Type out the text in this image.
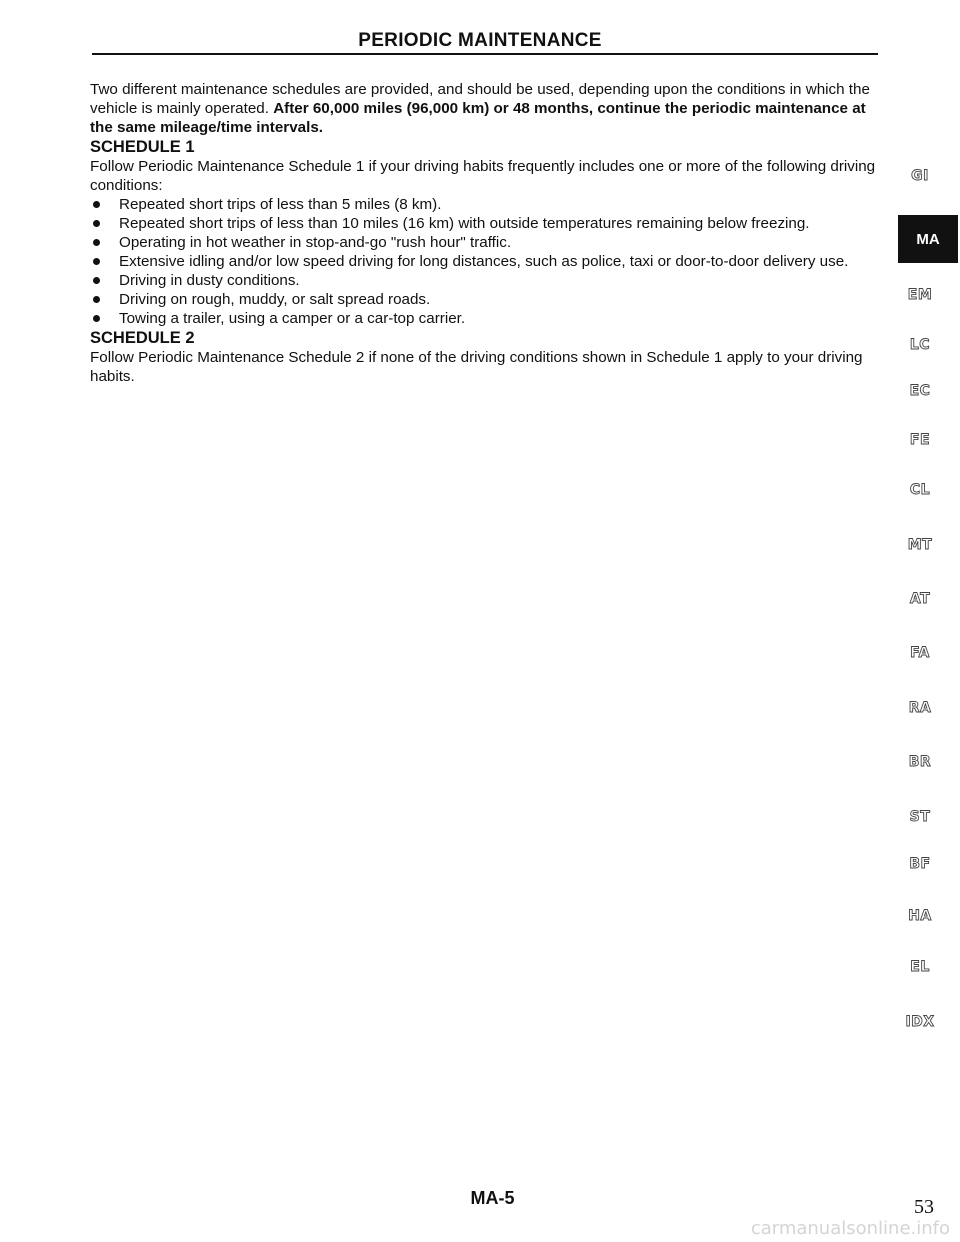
PERIODIC MAINTENANCE

Two different maintenance schedules are provided, and should be used, depending upon the conditions in which the vehicle is mainly operated. After 60,000 miles (96,000 km) or 48 months, continue the periodic maintenance at the same mileage/time intervals.

SCHEDULE 1

Follow Periodic Maintenance Schedule 1 if your driving habits frequently includes one or more of the following driving conditions:

Repeated short trips of less than 5 miles (8 km).
Repeated short trips of less than 10 miles (16 km) with outside temperatures remaining below freezing.
Operating in hot weather in stop-and-go "rush hour" traffic.
Extensive idling and/or low speed driving for long distances, such as police, taxi or door-to-door delivery use.
Driving in dusty conditions.
Driving on rough, muddy, or salt spread roads.
Towing a trailer, using a camper or a car-top carrier.

SCHEDULE 2

Follow Periodic Maintenance Schedule 2 if none of the driving conditions shown in Schedule 1 apply to your driving habits.

MA
GI
EM
LC
EC
FE
CL
MT
AT
FA
RA
BR
ST
BF
HA
EL
IDX
MA-5	53
carmanualsonline.info
